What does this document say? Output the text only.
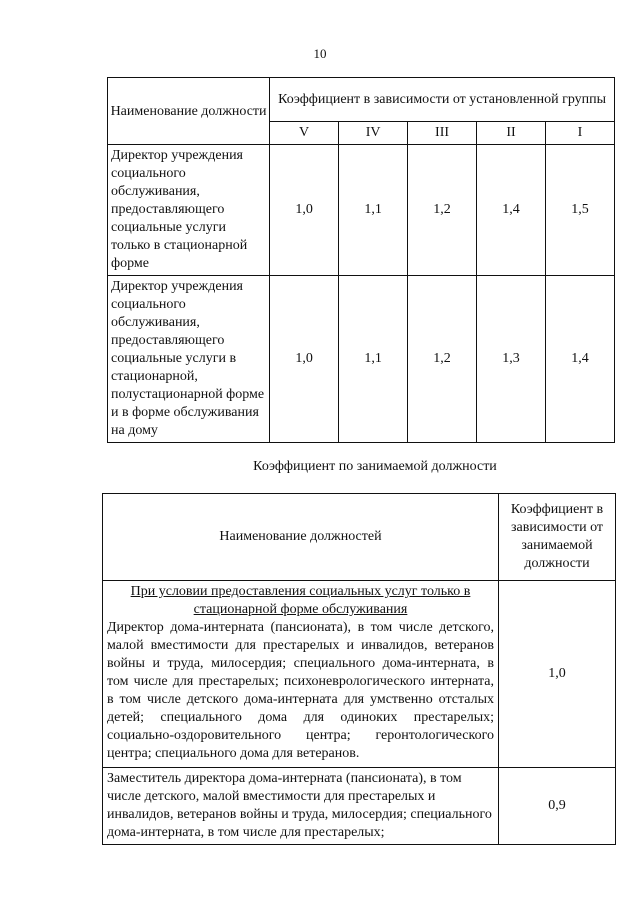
10
Наименование должности	Коэффициент в зависимости от установленной группы				
	V	IV	III	II	I
Директор учреждения социального обслуживания, предоставляющего социальные услуги только в стационарной форме	1,0	1,1	1,2	1,4	1,5
Директор учреждения социального обслуживания, предоставляющего социальные услуги в стационарной, полустационарной форме и в форме обслуживания на дому	1,0	1,1	1,2	1,3	1,4
Коэффициент по занимаемой должности
Наименование должностей	Коэффициент в зависимости от занимаемой должности

При условии предоставления социальных услуг только в стационарной форме обслуживания
Директор дома-интерната (пансионата), в том числе детского, малой вместимости для престарелых и инвалидов, ветеранов войны и труда, милосердия; специального дома-интерната, в том числе для престарелых; психоневрологического интерната, в том числе детского дома-интерната для умственно отсталых детей; специального дома для одиноких престарелых; социально-оздоровительного центра; геронтологического центра; специального дома для ветеранов.	1,0

Заместитель директора дома-интерната (пансионата), в том числе детского, малой вместимости для престарелых и инвалидов, ветеранов войны и труда, милосердия; специального дома-интерната, в том числе для престарелых;	0,9
